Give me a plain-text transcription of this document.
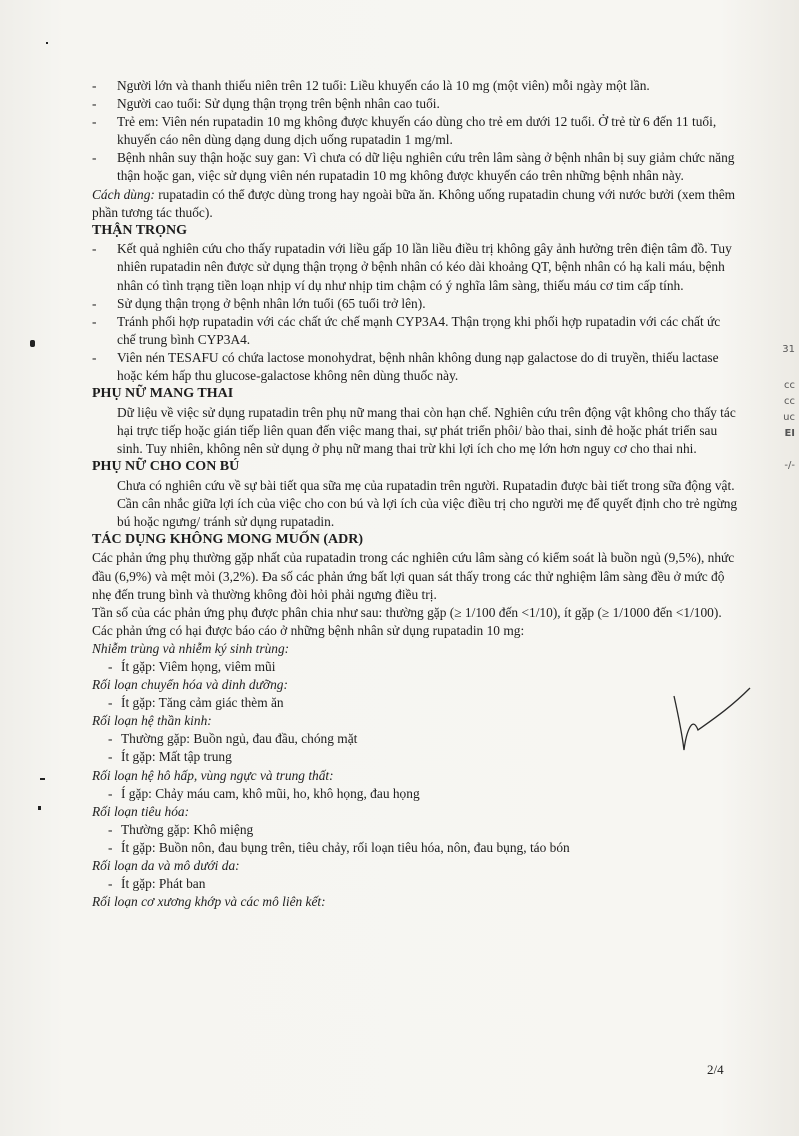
- Người lớn và thanh thiếu niên trên 12 tuổi: Liều khuyến cáo là 10 mg (một viên) mỗi ngày một lần.
- Người cao tuổi: Sử dụng thận trọng trên bệnh nhân cao tuổi.
- Trẻ em: Viên nén rupatadin 10 mg không được khuyến cáo dùng cho trẻ em dưới 12 tuổi. Ở trẻ từ 6 đến 11 tuổi, khuyến cáo nên dùng dạng dung dịch uống rupatadin 1 mg/ml.
- Bệnh nhân suy thận hoặc suy gan: Vì chưa có dữ liệu nghiên cứu trên lâm sàng ở bệnh nhân bị suy giảm chức năng thận hoặc gan, việc sử dụng viên nén rupatadin 10 mg không được khuyến cáo trên những bệnh nhân này.

Cách dùng: rupatadin có thể được dùng trong hay ngoài bữa ăn. Không uống rupatadin chung với nước bưởi (xem thêm phần tương tác thuốc).

THẬN TRỌNG

- Kết quả nghiên cứu cho thấy rupatadin với liều gấp 10 lần liều điều trị không gây ảnh hưởng trên điện tâm đồ. Tuy nhiên rupatadin nên được sử dụng thận trọng ở bệnh nhân có kéo dài khoảng QT, bệnh nhân có hạ kali máu, bệnh nhân có tình trạng tiền loạn nhịp ví dụ như nhịp tim chậm có ý nghĩa lâm sàng, thiếu máu cơ tim cấp tính.
- Sử dụng thận trọng ở bệnh nhân lớn tuổi (65 tuổi trở lên).
- Tránh phối hợp rupatadin với các chất ức chế mạnh CYP3A4. Thận trọng khi phối hợp rupatadin với các chất ức chế trung bình CYP3A4.
- Viên nén TESAFU có chứa lactose monohydrat, bệnh nhân không dung nạp galactose do di truyền, thiếu lactase hoặc kém hấp thu glucose-galactose không nên dùng thuốc này.

PHỤ NỮ MANG THAI

Dữ liệu về việc sử dụng rupatadin trên phụ nữ mang thai còn hạn chế. Nghiên cứu trên động vật không cho thấy tác hại trực tiếp hoặc gián tiếp liên quan đến việc mang thai, sự phát triển phôi/ bào thai, sinh đẻ hoặc phát triển sau sinh. Tuy nhiên, không nên sử dụng ở phụ nữ mang thai trừ khi lợi ích cho mẹ lớn hơn nguy cơ cho thai nhi.

PHỤ NỮ CHO CON BÚ

Chưa có nghiên cứu về sự bài tiết qua sữa mẹ của rupatadin trên người. Rupatadin được bài tiết trong sữa động vật. Cần cân nhắc giữa lợi ích của việc cho con bú và lợi ích của việc điều trị cho người mẹ để quyết định cho trẻ ngừng bú hoặc ngưng/ tránh sử dụng rupatadin.

TÁC DỤNG KHÔNG MONG MUỐN (ADR)

Các phản ứng phụ thường gặp nhất của rupatadin trong các nghiên cứu lâm sàng có kiểm soát là buồn ngủ (9,5%), nhức đầu (6,9%) và mệt mỏi (3,2%). Đa số các phản ứng bất lợi quan sát thấy trong các thử nghiệm lâm sàng đều ở mức độ nhẹ đến trung bình và thường không đòi hỏi phải ngưng điều trị.

Tần số của các phản ứng phụ được phân chia như sau: thường gặp (≥ 1/100 đến <1/10), ít gặp (≥ 1/1000 đến <1/100).

Các phản ứng có hại được báo cáo ở những bệnh nhân sử dụng rupatadin 10 mg:

Nhiễm trùng và nhiễm ký sinh trùng:

- Ít gặp: Viêm họng, viêm mũi

Rối loạn chuyển hóa và dinh dưỡng:

- Ít gặp: Tăng cảm giác thèm ăn

Rối loạn hệ thần kinh:

- Thường gặp: Buồn ngủ, đau đầu, chóng mặt
- Ít gặp: Mất tập trung

Rối loạn hệ hô hấp, vùng ngực và trung thất:

- Í gặp: Chảy máu cam, khô mũi, ho, khô họng, đau họng

Rối loạn tiêu hóa:

- Thường gặp: Khô miệng
- Ít gặp: Buồn nôn, đau bụng trên, tiêu chảy, rối loạn tiêu hóa, nôn, đau bụng, táo bón

Rối loạn da và mô dưới da:

- Ít gặp: Phát ban

Rối loạn cơ xương khớp và các mô liên kết:

31
cc
cc
uc
EI
-/-
2/4
